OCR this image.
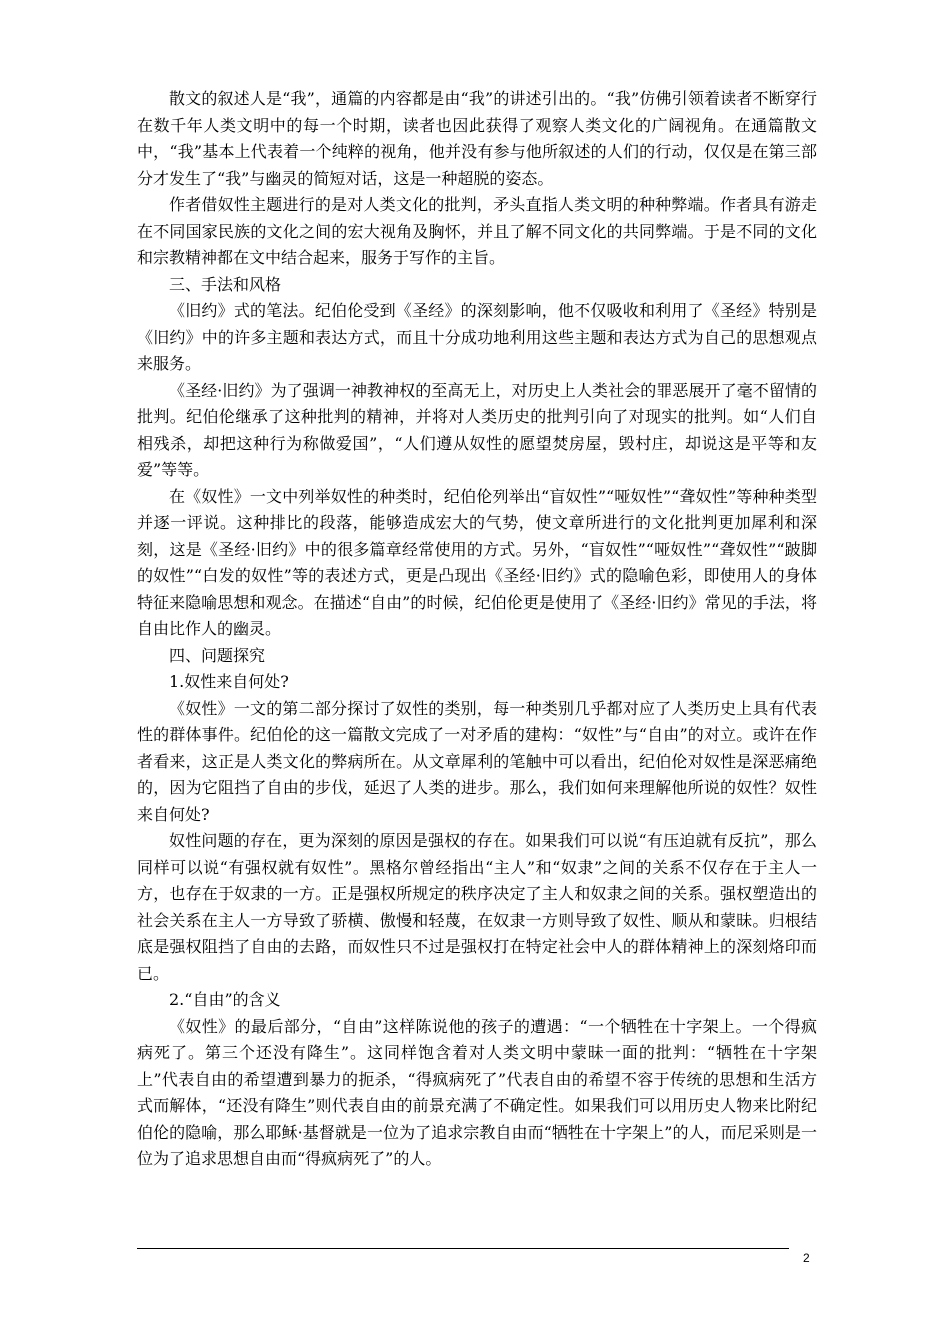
散文的叙述人是“我”，通篇的内容都是由“我”的讲述引出的。“我”仿佛引领着读者不断穿行在数千年人类文明中的每一个时期，读者也因此获得了观察人类文化的广阔视角。在通篇散文中，“我”基本上代表着一个纯粹的视角，他并没有参与他所叙述的人们的行动，仅仅是在第三部分才发生了“我”与幽灵的简短对话，这是一种超脱的姿态。

作者借奴性主题进行的是对人类文化的批判，矛头直指人类文明的种种弊端。作者具有游走在不同国家民族的文化之间的宏大视角及胸怀，并且了解不同文化的共同弊端。于是不同的文化和宗教精神都在文中结合起来，服务于写作的主旨。

三、手法和风格

《旧约》式的笔法。纪伯伦受到《圣经》的深刻影响，他不仅吸收和利用了《圣经》特别是《旧约》中的许多主题和表达方式，而且十分成功地利用这些主题和表达方式为自己的思想观点来服务。

《圣经·旧约》为了强调一神教神权的至高无上，对历史上人类社会的罪恶展开了毫不留情的批判。纪伯伦继承了这种批判的精神，并将对人类历史的批判引向了对现实的批判。如“人们自相残杀，却把这种行为称做爱国”，“人们遵从奴性的愿望焚房屋，毁村庄，却说这是平等和友爱”等等。

在《奴性》一文中列举奴性的种类时，纪伯伦列举出“盲奴性”“哑奴性”“聋奴性”等种种类型并逐一评说。这种排比的段落，能够造成宏大的气势，使文章所进行的文化批判更加犀利和深刻，这是《圣经·旧约》中的很多篇章经常使用的方式。另外，“盲奴性”“哑奴性”“聋奴性”“跛脚的奴性”“白发的奴性”等的表述方式，更是凸现出《圣经·旧约》式的隐喻色彩，即使用人的身体特征来隐喻思想和观念。在描述“自由”的时候，纪伯伦更是使用了《圣经·旧约》常见的手法，将自由比作人的幽灵。

四、问题探究

1.奴性来自何处?

《奴性》一文的第二部分探讨了奴性的类别，每一种类别几乎都对应了人类历史上具有代表性的群体事件。纪伯伦的这一篇散文完成了一对矛盾的建构：“奴性”与“自由”的对立。或许在作者看来，这正是人类文化的弊病所在。从文章犀利的笔触中可以看出，纪伯伦对奴性是深恶痛绝的，因为它阻挡了自由的步伐，延迟了人类的进步。那么，我们如何来理解他所说的奴性？奴性来自何处?

奴性问题的存在，更为深刻的原因是强权的存在。如果我们可以说“有压迫就有反抗”，那么同样可以说“有强权就有奴性”。黑格尔曾经指出“主人”和“奴隶”之间的关系不仅存在于主人一方，也存在于奴隶的一方。正是强权所规定的秩序决定了主人和奴隶之间的关系。强权塑造出的社会关系在主人一方导致了骄横、傲慢和轻蔑，在奴隶一方则导致了奴性、顺从和蒙昧。归根结底是强权阻挡了自由的去路，而奴性只不过是强权打在特定社会中人的群体精神上的深刻烙印而已。

2.“自由”的含义

《奴性》的最后部分，“自由”这样陈说他的孩子的遭遇：“一个牺牲在十字架上。一个得疯病死了。第三个还没有降生”。这同样饱含着对人类文明中蒙昧一面的批判：“牺牲在十字架上”代表自由的希望遭到暴力的扼杀，“得疯病死了”代表自由的希望不容于传统的思想和生活方式而解体，“还没有降生”则代表自由的前景充满了不确定性。如果我们可以用历史人物来比附纪伯伦的隐喻，那么耶稣·基督就是一位为了追求宗教自由而“牺牲在十字架上”的人，而尼采则是一位为了追求思想自由而“得疯病死了”的人。

2
